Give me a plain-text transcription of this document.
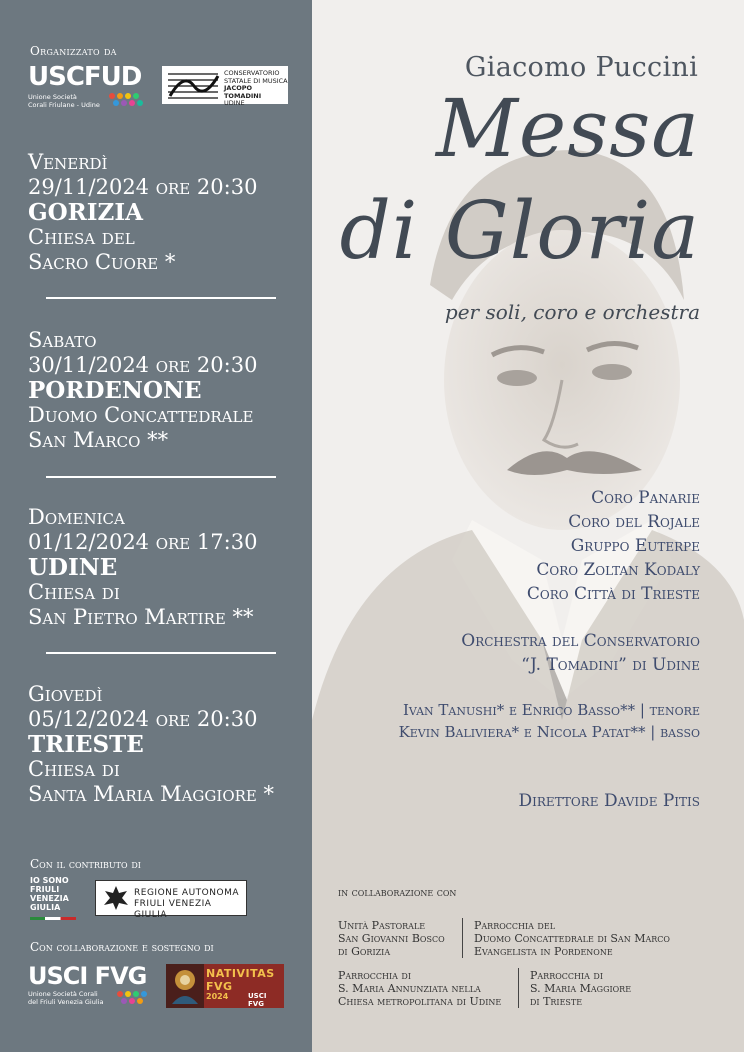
Organizzato da
USCFUD
Unione Società
Corali Friulane - Udine
CONSERVATORIO
STATALE DI MUSICA
JACOPO TOMADINI
UDINE
Venerdì
29/11/2024 ore 20:30
GORIZIA
Chiesa del
Sacro Cuore *
Sabato
30/11/2024 ore 20:30
PORDENONE
Duomo Concattedrale
San Marco **
Domenica
01/12/2024 ore 17:30
UDINE
Chiesa di
San Pietro Martire **
Giovedì
05/12/2024 ore 20:30
TRIESTE
Chiesa di
Santa Maria Maggiore *
Con il contributo di
IO SONO
FRIULI
VENEZIA
GIULIA
REGIONE AUTONOMA
FRIULI VENEZIA GIULIA
Con collaborazione e sostegno di
USCI FVG
Unione Società Corali
del Friuli Venezia Giulia
NATIVITAS FVG
2024	USCI FVG
Giacomo Puccini
Messa
di Gloria
per soli, coro e orchestra
Coro Panarie
Coro del Rojale
Gruppo Euterpe
Coro Zoltan Kodaly
Coro Città di Trieste
Orchestra del Conservatorio
“J. Tomadini” di Udine
Ivan Tanushi* e Enrico Basso** | tenore
Kevin Baliviera* e Nicola Patat** | basso
Direttore Davide Pitis
in collaborazione con
Unità Pastorale
San Giovanni Bosco
di Gorizia
Parrocchia del
Duomo Concattedrale di San Marco
Evangelista in Pordenone
Parrocchia di
S. Maria Annunziata nella
Chiesa metropolitana di Udine
Parrocchia di
S. Maria Maggiore
di Trieste
